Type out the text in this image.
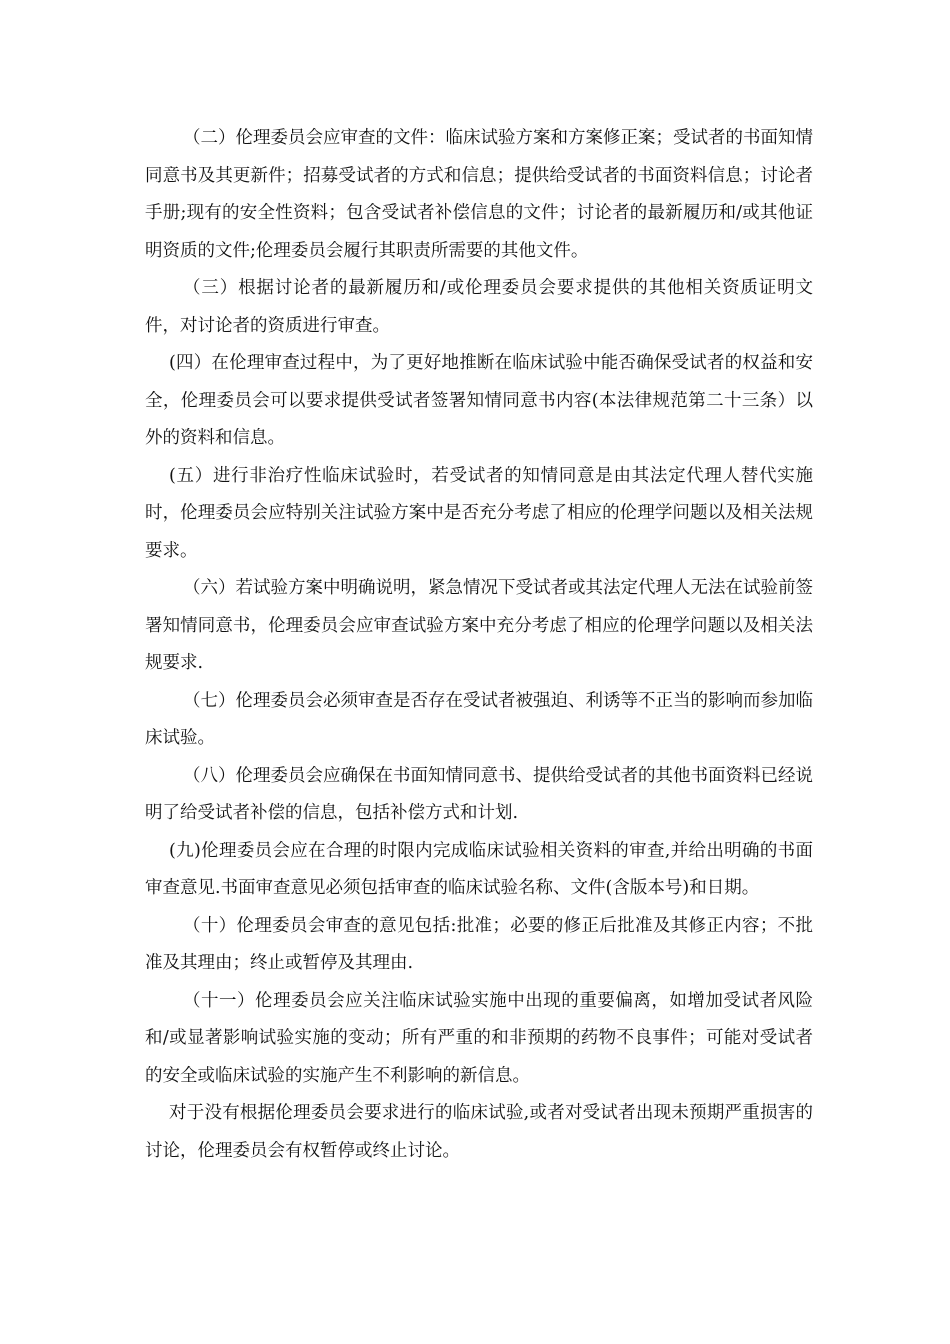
（二）伦理委员会应审查的文件：临床试验方案和方案修正案；受试者的书面知情同意书及其更新件；招募受试者的方式和信息；提供给受试者的书面资料信息；讨论者手册;现有的安全性资料；包含受试者补偿信息的文件；讨论者的最新履历和/或其他证明资质的文件;伦理委员会履行其职责所需要的其他文件。

（三）根据讨论者的最新履历和/或伦理委员会要求提供的其他相关资质证明文件，对讨论者的资质进行审查。

(四）在伦理审查过程中，为了更好地推断在临床试验中能否确保受试者的权益和安全，伦理委员会可以要求提供受试者签署知情同意书内容(本法律规范第二十三条）以外的资料和信息。

(五）进行非治疗性临床试验时，若受试者的知情同意是由其法定代理人替代实施时，伦理委员会应特别关注试验方案中是否充分考虑了相应的伦理学问题以及相关法规要求。

（六）若试验方案中明确说明，紧急情况下受试者或其法定代理人无法在试验前签署知情同意书，伦理委员会应审查试验方案中充分考虑了相应的伦理学问题以及相关法规要求.

（七）伦理委员会必须审查是否存在受试者被强迫、利诱等不正当的影响而参加临床试验。

（八）伦理委员会应确保在书面知情同意书、提供给受试者的其他书面资料已经说明了给受试者补偿的信息，包括补偿方式和计划.

(九)伦理委员会应在合理的时限内完成临床试验相关资料的审查,并给出明确的书面审查意见.书面审查意见必须包括审查的临床试验名称、文件(含版本号)和日期。

（十）伦理委员会审查的意见包括:批准；必要的修正后批准及其修正内容；不批准及其理由；终止或暂停及其理由.

（十一）伦理委员会应关注临床试验实施中出现的重要偏离，如增加受试者风险和/或显著影响试验实施的变动；所有严重的和非预期的药物不良事件；可能对受试者的安全或临床试验的实施产生不利影响的新信息。

对于没有根据伦理委员会要求进行的临床试验,或者对受试者出现未预期严重损害的讨论，伦理委员会有权暂停或终止讨论。
